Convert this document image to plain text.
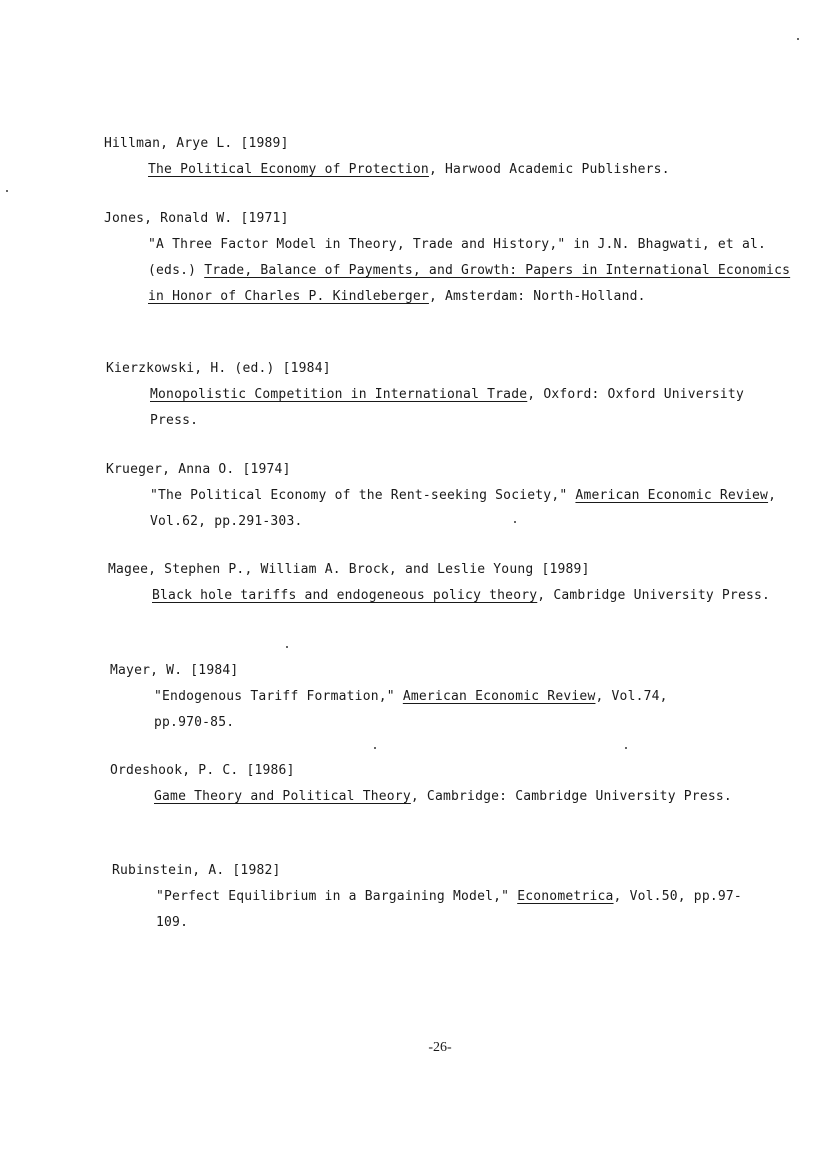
Hillman, Arye L. [1989]
The Political Economy of Protection, Harwood Academic Publishers.
Jones, Ronald W. [1971]
"A Three Factor Model in Theory, Trade and History," in J.N. Bhagwati, et al. (eds.) Trade, Balance of Payments, and Growth: Papers in International Economics in Honor of Charles P. Kindleberger, Amsterdam: North-Holland.
Kierzkowski, H. (ed.) [1984]
Monopolistic Competition in International Trade, Oxford: Oxford University Press.
Krueger, Anna O. [1974]
"The Political Economy of the Rent-seeking Society," American Economic Review, Vol.62, pp.291-303.
Magee, Stephen P., William A. Brock, and Leslie Young [1989]
Black hole tariffs and endogeneous policy theory, Cambridge University Press.
Mayer, W. [1984]
"Endogenous Tariff Formation," American Economic Review, Vol.74, pp.970-85.
Ordeshook, P. C. [1986]
Game Theory and Political Theory, Cambridge: Cambridge University Press.
Rubinstein, A. [1982]
"Perfect Equilibrium in a Bargaining Model," Econometrica, Vol.50, pp.97-109.
-26-
